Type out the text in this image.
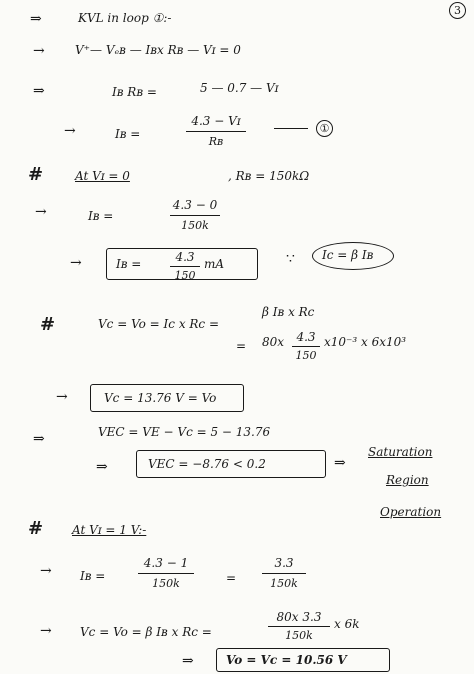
3
⇒	KVL in loop ①:-
→	V⁺— Vₑʙ — Iʙx Rʙ — Vɪ = 0
⇒	Iʙ Rʙ =	5 — 0.7 — Vɪ
→	Iʙ =
4.3 − Vɪ
Rʙ
①
#	At Vɪ = 0	, Rʙ = 150kΩ
→	Iʙ =
4.3 − 0
150k
→	Iʙ =	4.3
150
mA	∵ Ic = β Iʙ
#	Vc = Vo = Ic x Rc =
β Iʙ x Rc
= 80x	4.3
150
x10⁻³ x 6x10³
→	Vc = 13.76 V = Vo
⇒	VEC = VE − Vc = 5 − 13.76
⇒	VEC = −8.76 < 0.2	⇒
Saturation
Region
Operation
# At Vɪ = 1 V:-
→ Iʙ =
4.3 − 1
150k	=
3.3
150k
→ Vc = Vo = β Iʙ x Rc =
80x 3.3
150k
x 6k
⇒	Vo = Vc = 10.56 V
